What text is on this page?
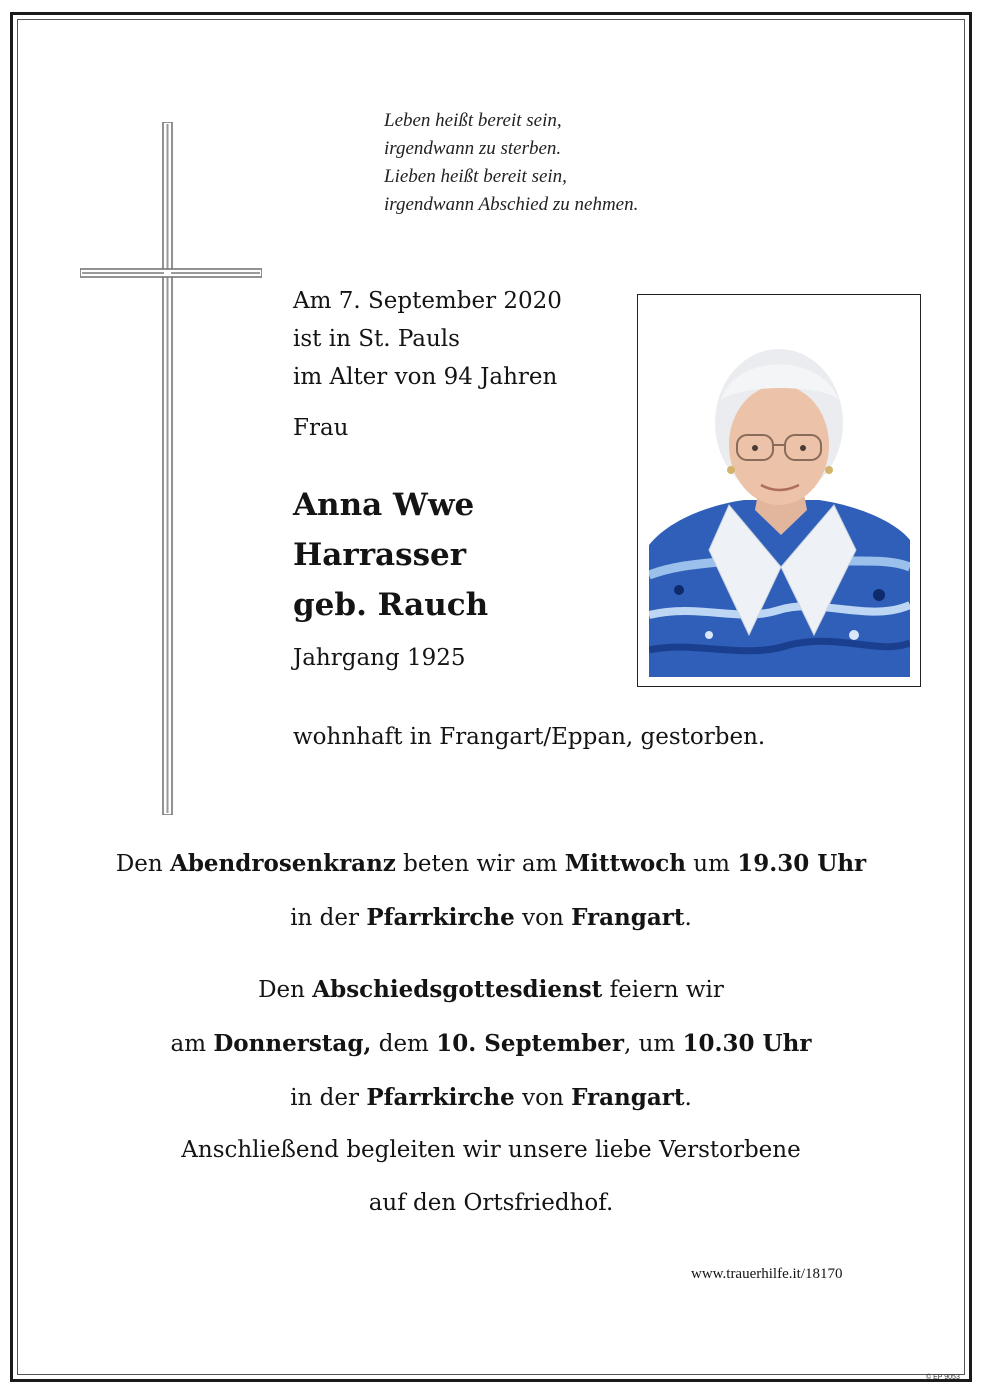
Leben heißt bereit sein,
irgendwann zu sterben.
Lieben heißt bereit sein,
irgendwann Abschied zu nehmen.
Am 7. September 2020
ist in St. Pauls
im Alter von 94 Jahren
Frau
Anna Wwe
Harrasser
geb. Rauch
Jahrgang 1925
wohnhaft in Frangart/Eppan, gestorben.
Den Abendrosenkranz beten wir am Mittwoch um 19.30 Uhr
in der Pfarrkirche von Frangart.
Den Abschiedsgottesdienst feiern wir
am Donnerstag, dem 10. September, um 10.30 Uhr
in der Pfarrkirche von Frangart.
Anschließend begleiten wir unsere liebe Verstorbene
auf den Ortsfriedhof.
www.trauerhilfe.it/18170
© EP 9053
